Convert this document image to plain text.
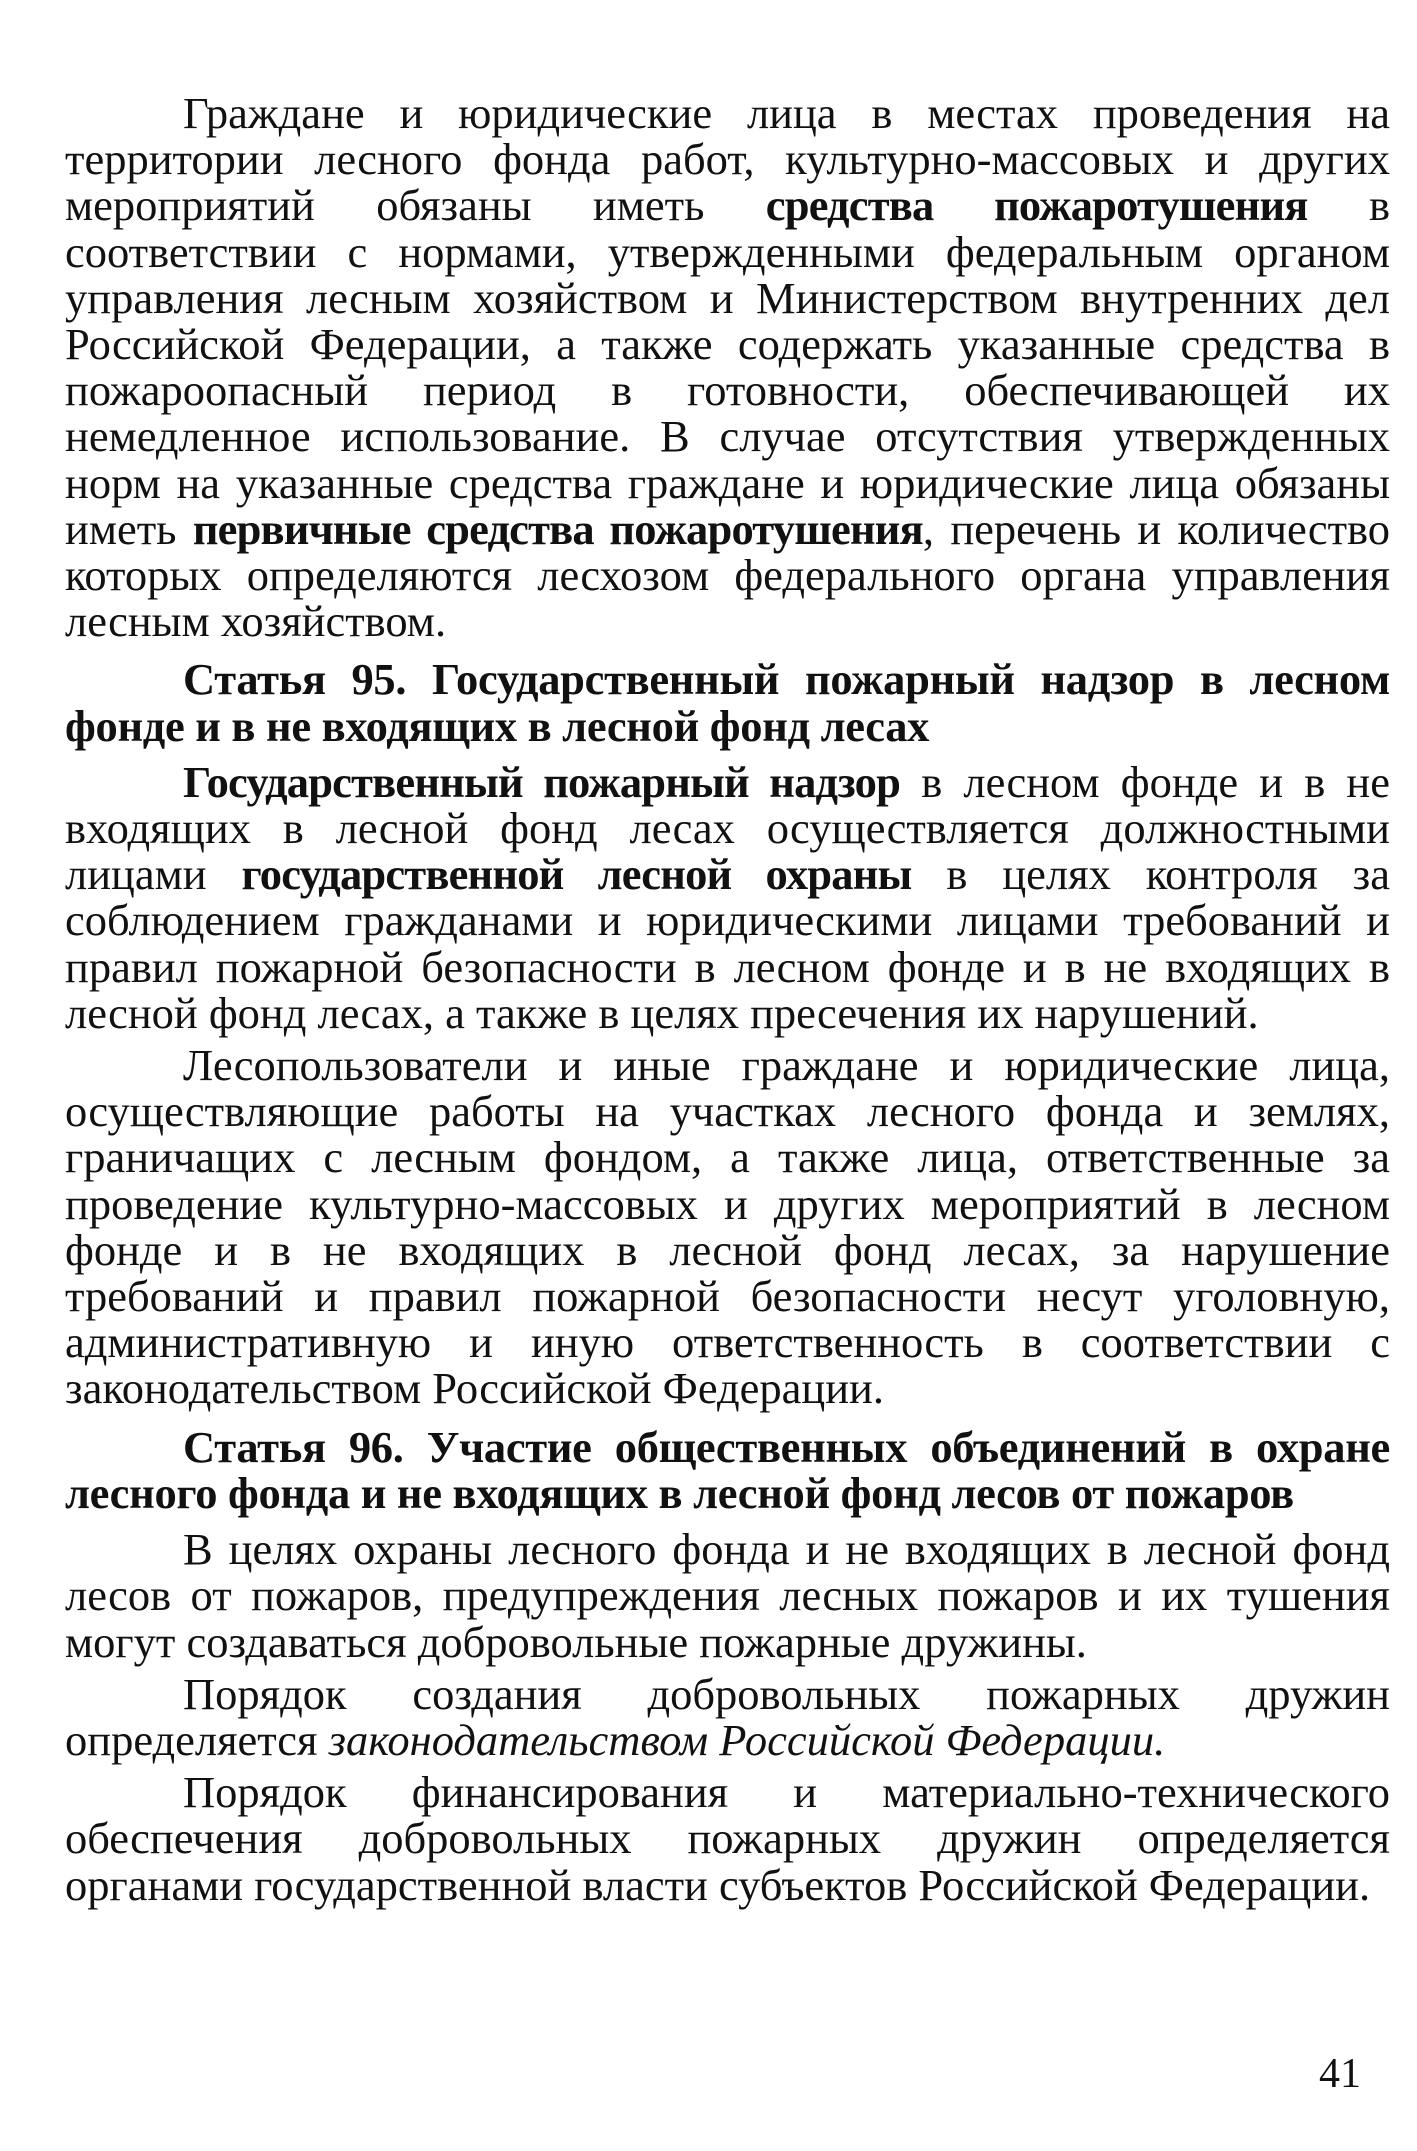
Граждане и юридические лица в местах проведения на территории лесного фонда работ, культурно-массовых и других мероприятий обязаны иметь средства пожаротушения в соответствии с нормами, утвержденными федеральным органом управления лесным хозяйством и Министерством внутренних дел Российской Федерации, а также содержать указанные средства в пожароопасный период в готовности, обеспечивающей их немедленное использование. В случае отсутствия утвержденных норм на указанные средства граждане и юридические лица обязаны иметь первичные средства пожаротушения, перечень и количество которых определяются лесхозом федерального органа управления лесным хозяйством.

Статья 95. Государственный пожарный надзор в лесном фонде и в не входящих в лесной фонд лесах

Государственный пожарный надзор в лесном фонде и в не входящих в лесной фонд лесах осуществляется должностными лицами государственной лесной охраны в целях контроля за соблюдением гражданами и юридическими лицами требований и правил пожарной безопасности в лесном фонде и в не входящих в лесной фонд лесах, а также в целях пресечения их нарушений.

Лесопользователи и иные граждане и юридические лица, осуществляющие работы на участках лесного фонда и землях, граничащих с лесным фондом, а также лица, ответственные за проведение культурно-массовых и других мероприятий в лесном фонде и в не входящих в лесной фонд лесах, за нарушение требований и правил пожарной безопасности несут уголовную, административную и иную ответственность в соответствии с законодательством Российской Федерации.

Статья 96. Участие общественных объединений в охране лесного фонда и не входящих в лесной фонд лесов от пожаров

В целях охраны лесного фонда и не входящих в лесной фонд лесов от пожаров, предупреждения лесных пожаров и их тушения могут создаваться добровольные пожарные дружины.

Порядок создания добровольных пожарных дружин определяется законодательством Российской Федерации.

Порядок финансирования и материально-технического обеспечения добровольных пожарных дружин определяется органами государственной власти субъектов Российской Федерации.

41
